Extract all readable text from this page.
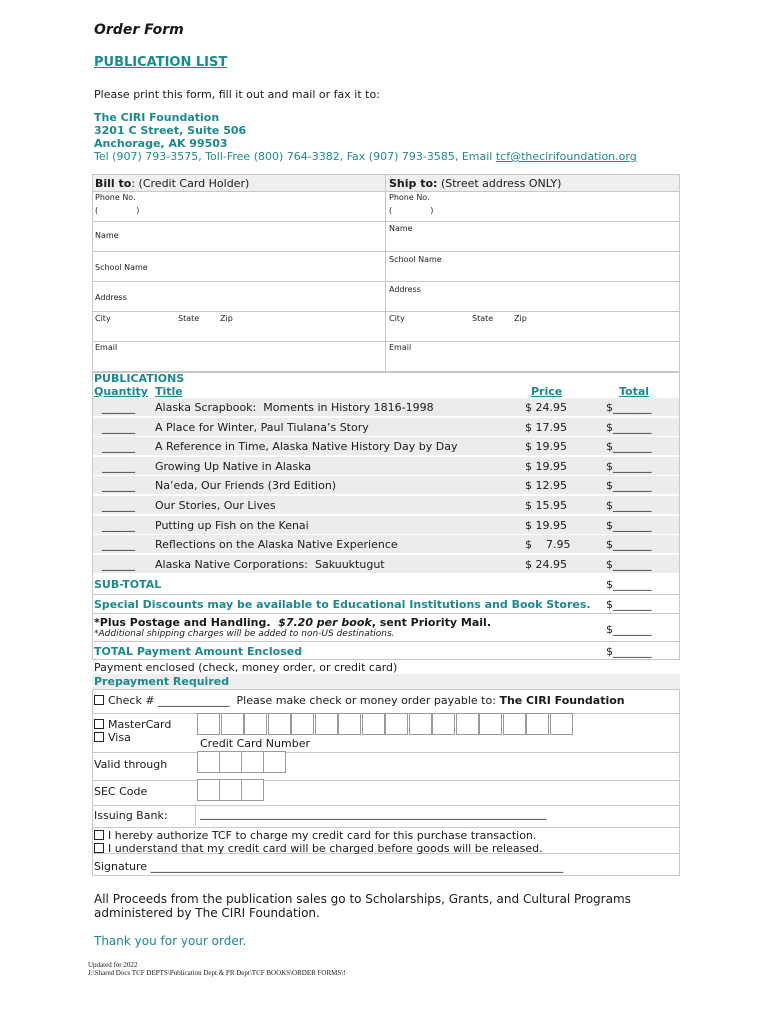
Order Form
PUBLICATION LIST
Please print this form, fill it out and mail or fax it to:
The CIRI Foundation
3201 C Street, Suite 506
Anchorage, AK 99503
Tel (907) 793-3575, Toll-Free (800) 764-3382, Fax (907) 793-3585, Email tcf@thecirifoundation.org
Bill to: (Credit Card Holder)
Phone No.
(               )
Name
School Name
Address
City	State	Zip
Email
Ship to: (Street address ONLY)
Phone No.
(               )
Name
School Name
Address
City	State	Zip
Email
PUBLICATIONS
Quantity Title	Price	Total
______ Alaska Scrapbook:  Moments in History 1816-1998	$ 24.95	$_______
______ A Place for Winter, Paul Tiulana’s Story	$ 17.95	$_______
______ A Reference in Time, Alaska Native History Day by Day	$ 19.95	$_______
______ Growing Up Native in Alaska	$ 19.95	$_______
______ Na’eda, Our Friends (3rd Edition)	$ 12.95	$_______
______ Our Stories, Our Lives	$ 15.95	$_______
______ Putting up Fish on the Kenai	$ 19.95	$_______
______ Reflections on the Alaska Native Experience	$    7.95	$_______
______ Alaska Native Corporations:  Sakuuktugut	$ 24.95	$_______
SUB-TOTAL	$_______
Special Discounts may be available to Educational Institutions and Book Stores. $_______
*Plus Postage and Handling.  $7.20 per book, sent Priority Mail.
*Additional shipping charges will be added to non-US destinations.	$_______
TOTAL Payment Amount Enclosed	$_______
Payment enclosed (check, money order, or credit card)
Prepayment Required
Check # _____________  Please make check or money order payable to: The CIRI Foundation
MasterCard
Visa	Credit Card Number
Valid through
SEC Code
Issuing Bank:	_______________________________________________________________
I hereby authorize TCF to charge my credit card for this purchase transaction.
I understand that my credit card will be charged before goods will be released.
Signature ___________________________________________________________________________
All Proceeds from the publication sales go to Scholarships, Grants, and Cultural Programs
administered by The CIRI Foundation.
Thank you for your order.
Updated for 2022
J:\Shared Docs TCF DEPTS\Publication Dept & PR Dept\TCF BOOKS\ORDER FORMS\!
